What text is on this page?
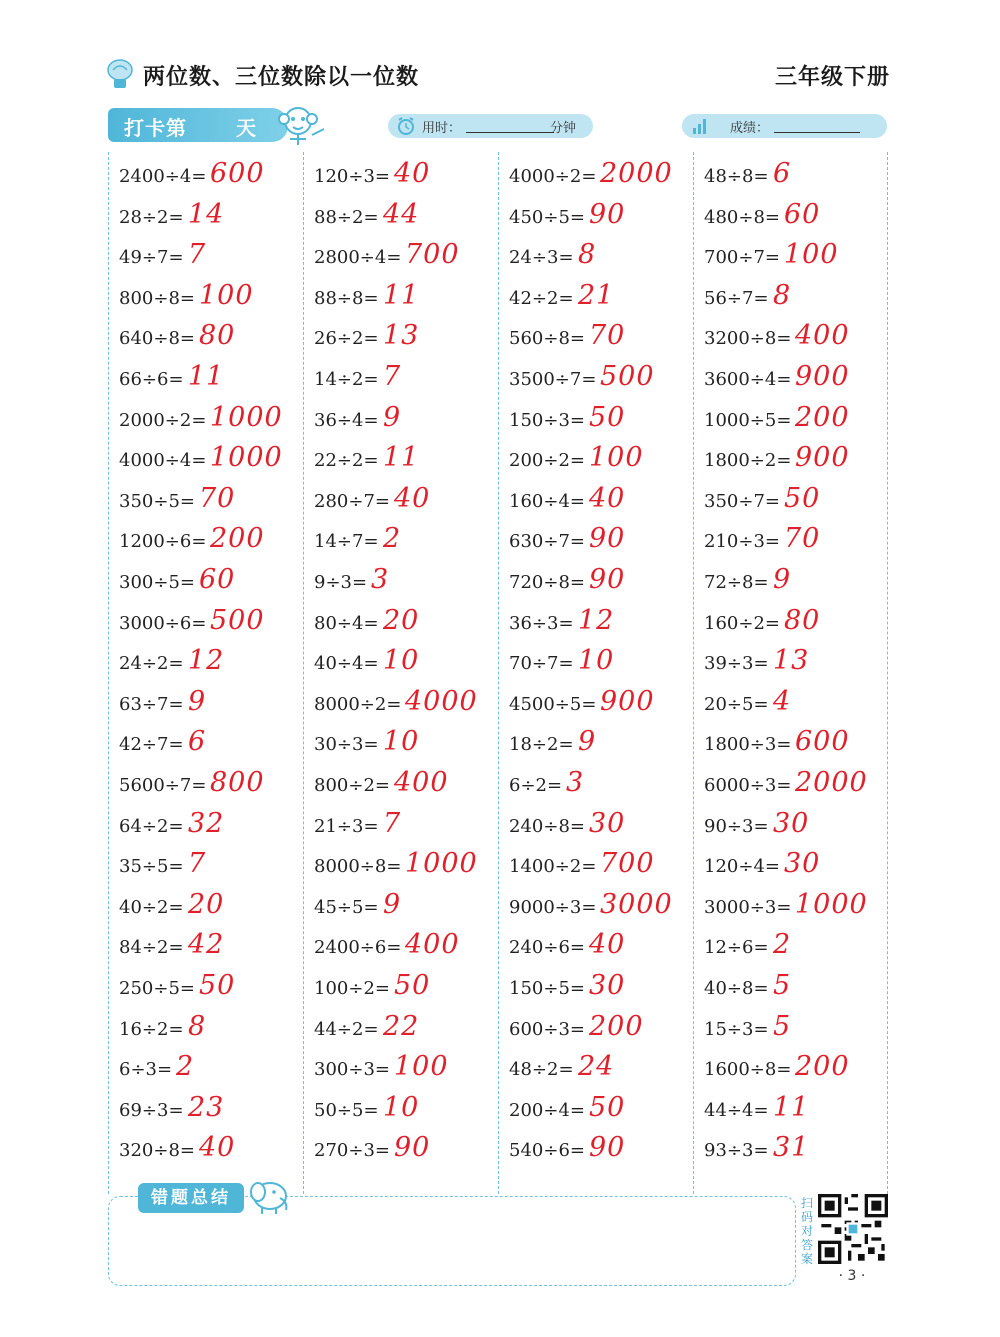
两位数、三位数除以一位数	三年级下册
打卡第 天	用时：	分钟	成绩：
2400÷4= 600
28÷2= 14
49÷7= 7
800÷8= 100
640÷8= 80
66÷6= 11
2000÷2= 1000
4000÷4= 1000
350÷5= 70
1200÷6= 200
300÷5= 60
3000÷6= 500
24÷2= 12
63÷7= 9
42÷7= 6
5600÷7= 800
64÷2= 32
35÷5= 7
40÷2= 20
84÷2= 42
250÷5= 50
16÷2= 8
6÷3= 2
69÷3= 23
320÷8= 40
120÷3= 40
88÷2= 44
2800÷4= 700
88÷8= 11
26÷2= 13
14÷2= 7
36÷4= 9
22÷2= 11
280÷7= 40
14÷7= 2
9÷3= 3
80÷4= 20
40÷4= 10
8000÷2= 4000
30÷3= 10
800÷2= 400
21÷3= 7
8000÷8= 1000
45÷5= 9
2400÷6= 400
100÷2= 50
44÷2= 22
300÷3= 100
50÷5= 10
270÷3= 90
4000÷2= 2000
450÷5= 90
24÷3= 8
42÷2= 21
560÷8= 70
3500÷7= 500
150÷3= 50
200÷2= 100
160÷4= 40
630÷7= 90
720÷8= 90
36÷3= 12
70÷7= 10
4500÷5= 900
18÷2= 9
6÷2= 3
240÷8= 30
1400÷2= 700
9000÷3= 3000
240÷6= 40
150÷5= 30
600÷3= 200
48÷2= 24
200÷4= 50
540÷6= 90
48÷8= 6
480÷8= 60
700÷7= 100
56÷7= 8
3200÷8= 400
3600÷4= 900
1000÷5= 200
1800÷2= 900
350÷7= 50
210÷3= 70
72÷8= 9
160÷2= 80
39÷3= 13
20÷5= 4
1800÷3= 600
6000÷3= 2000
90÷3= 30
120÷4= 30
3000÷3= 1000
12÷6= 2
40÷8= 5
15÷3= 5
1600÷8= 200
44÷4= 11
93÷3= 31
错题总结	扫码对答案
· 3 ·
